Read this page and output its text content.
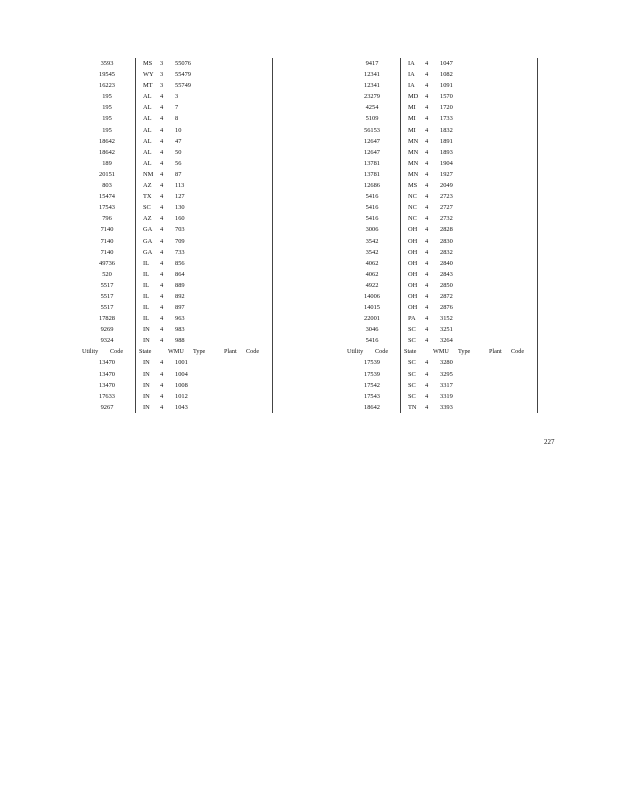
3593	MS 3 55076
19545	WY 3 55479
16223	MT 3 55749
195	AL 4 3
195	AL 4 7
195	AL 4 8
195	AL 4 10
18642	AL 4 47
18642	AL 4 50
189	AL 4 56
20151	NM 4 87
803	AZ 4 113
15474	TX 4 127
17543	SC 4 130
796	AZ 4 160
7140	GA 4 703
7140	GA 4 709
7140	GA 4 733
49736	IL 4 856
520	IL 4 864
5517	IL 4 889
5517	IL 4 892
5517	IL 4 897
17828	IL 4 963
9269	IN 4 983
9324	IN 4 988
Utility Code	State	WMU Type	Plant Code
13470	IN 4 1001
13470	IN 4 1004
13470	IN 4 1008
17633	IN 4 1012
9267	IN 4 1043
9417	IA 4 1047
12341	IA 4 1082
12341	IA 4 1091
23279	MD 4 1570
4254	MI 4 1720
5109	MI 4 1733
56153	MI 4 1832
12647	MN 4 1891
12647	MN 4 1893
13781	MN 4 1904
13781	MN 4 1927
12686	MS 4 2049
5416	NC 4 2723
5416	NC 4 2727
5416	NC 4 2732
3006	OH 4 2828
3542	OH 4 2830
3542	OH 4 2832
4062	OH 4 2840
4062	OH 4 2843
4922	OH 4 2850
14006	OH 4 2872
14015	OH 4 2876
22001	PA 4 3152
3046	SC 4 3251
5416	SC 4 3264
Utility Code	State	WMU Type	Plant Code
17539	SC 4 3280
17539	SC 4 3295
17542	SC 4 3317
17543	SC 4 3319
18642	TN 4 3393
227
